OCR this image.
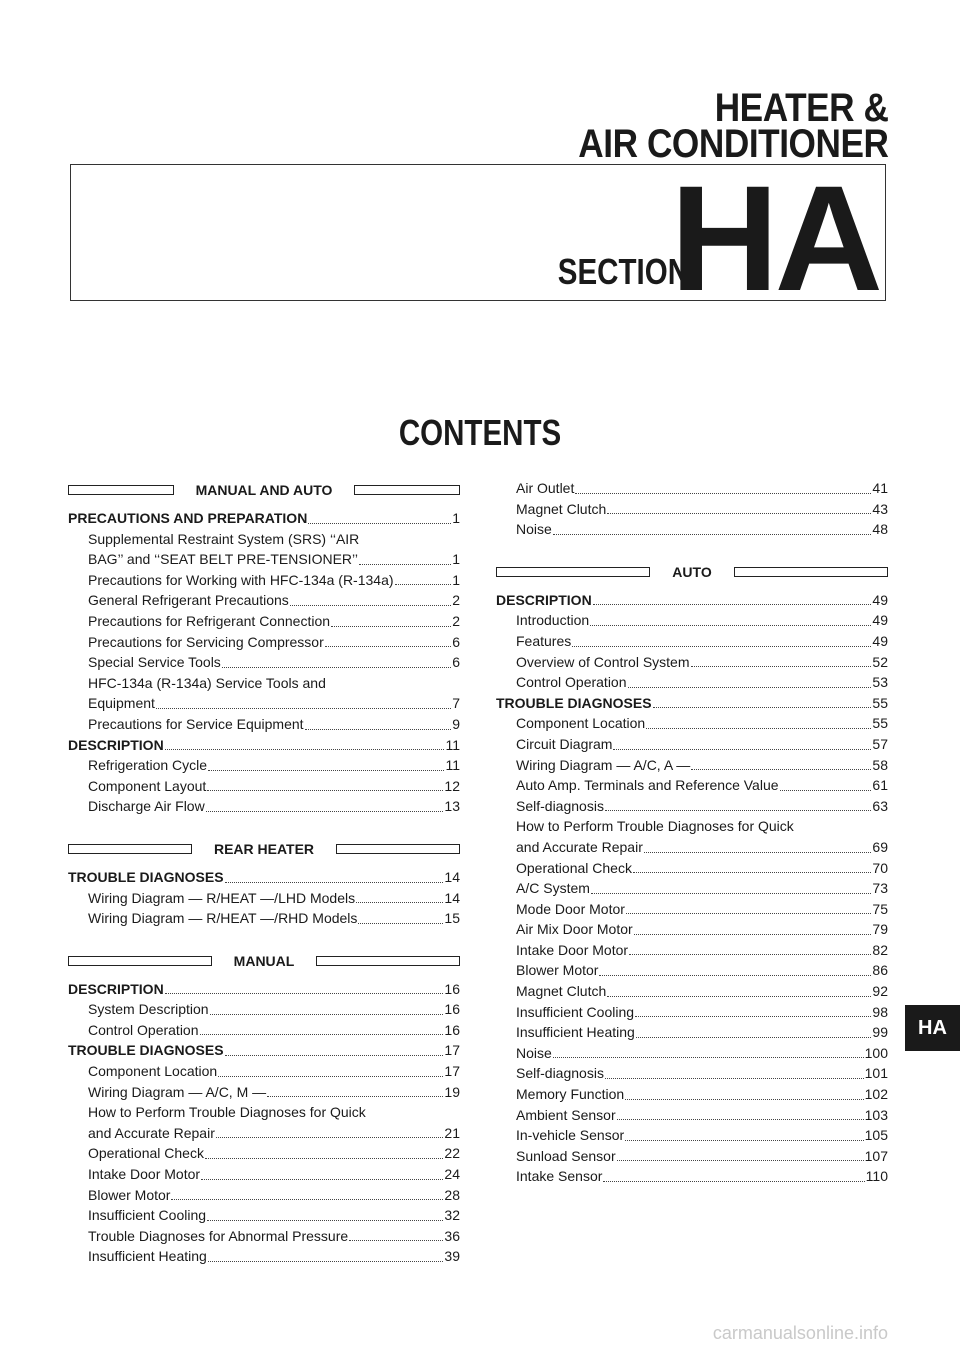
HEATER &
AIR CONDITIONER
SECTION
HA
CONTENTS
MANUAL AND AUTO
PRECAUTIONS AND PREPARATION	1
Supplemental Restraint System (SRS) ‘‘AIR
BAG’’ and ‘‘SEAT BELT PRE-TENSIONER’’	1
Precautions for Working with HFC-134a (R-134a)	1
General Refrigerant Precautions	2
Precautions for Refrigerant Connection	2
Precautions for Servicing Compressor	6
Special Service Tools	6
HFC-134a (R-134a) Service Tools and
Equipment	7
Precautions for Service Equipment	9
DESCRIPTION	11
Refrigeration Cycle	11
Component Layout	12
Discharge Air Flow	13
REAR HEATER
TROUBLE DIAGNOSES	14
Wiring Diagram — R/HEAT —/LHD Models	14
Wiring Diagram — R/HEAT —/RHD Models	15
MANUAL
DESCRIPTION	16
System Description	16
Control Operation	16
TROUBLE DIAGNOSES	17
Component Location	17
Wiring Diagram — A/C, M —	19
How to Perform Trouble Diagnoses for Quick
and Accurate Repair	21
Operational Check	22
Intake Door Motor	24
Blower Motor	28
Insufficient Cooling	32
Trouble Diagnoses for Abnormal Pressure	36
Insufficient Heating	39
Air Outlet	41
Magnet Clutch	43
Noise	48
AUTO
DESCRIPTION	49
Introduction	49
Features	49
Overview of Control System	52
Control Operation	53
TROUBLE DIAGNOSES	55
Component Location	55
Circuit Diagram	57
Wiring Diagram — A/C, A —	58
Auto Amp. Terminals and Reference Value	61
Self-diagnosis	63
How to Perform Trouble Diagnoses for Quick
and Accurate Repair	69
Operational Check	70
A/C System	73
Mode Door Motor	75
Air Mix Door Motor	79
Intake Door Motor	82
Blower Motor	86
Magnet Clutch	92
Insufficient Cooling	98
Insufficient Heating	99
Noise	100
Self-diagnosis	101
Memory Function	102
Ambient Sensor	103
In-vehicle Sensor	105
Sunload Sensor	107
Intake Sensor	110
HA
carmanualsonline.info
